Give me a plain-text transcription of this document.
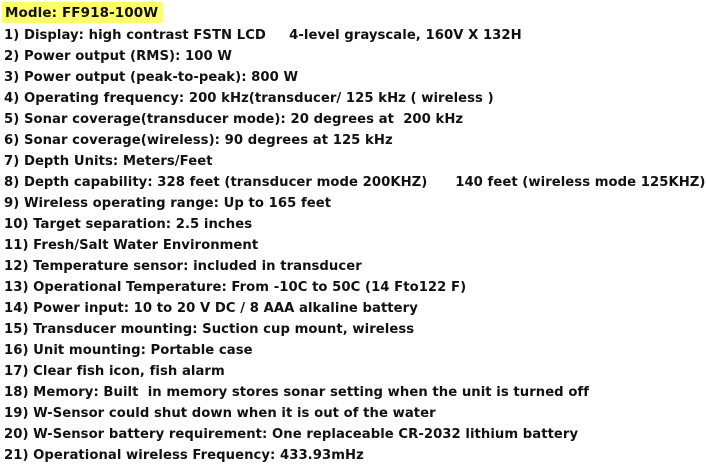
Modle: FF918-100W
1) Display: high contrast FSTN LCD     4-level grayscale, 160V X 132H
2) Power output (RMS): 100 W
3) Power output (peak-to-peak): 800 W
4) Operating frequency: 200 kHz(transducer/ 125 kHz ( wireless )
5) Sonar coverage(transducer mode): 20 degrees at  200 kHz
6) Sonar coverage(wireless): 90 degrees at 125 kHz
7) Depth Units: Meters/Feet
8) Depth capability: 328 feet (transducer mode 200KHZ)      140 feet (wireless mode 125KHZ)
9) Wireless operating range: Up to 165 feet
10) Target separation: 2.5 inches
11) Fresh/Salt Water Environment
12) Temperature sensor: included in transducer
13) Operational Temperature: From -10C to 50C (14 Fto122 F)
14) Power input: 10 to 20 V DC / 8 AAA alkaline battery
15) Transducer mounting: Suction cup mount, wireless
16) Unit mounting: Portable case
17) Clear fish icon, fish alarm
18) Memory: Built  in memory stores sonar setting when the unit is turned off
19) W-Sensor could shut down when it is out of the water
20) W-Sensor battery requirement: One replaceable CR-2032 lithium battery
21) Operational wireless Frequency: 433.93mHz
